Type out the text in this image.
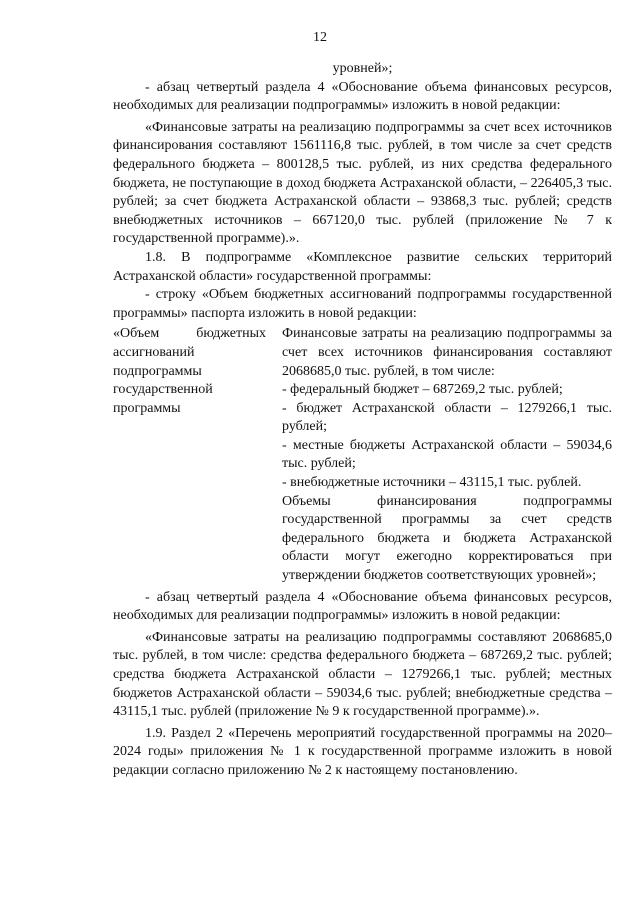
12

уровней»;

- абзац четвертый раздела 4 «Обоснование объема финансовых ресурсов, необходимых для реализации подпрограммы» изложить в новой редакции:

«Финансовые затраты на реализацию подпрограммы за счет всех источников финансирования составляют 1561116,8 тыс. рублей, в том числе за счет средств федерального бюджета – 800128,5 тыс. рублей, из них средства федерального бюджета, не поступающие в доход бюджета Астраханской области, – 226405,3 тыс. рублей; за счет бюджета Астраханской области – 93868,3 тыс. рублей; средств внебюджетных источников – 667120,0 тыс. рублей (приложение № 7 к государственной программе).».

1.8. В подпрограмме «Комплексное развитие сельских территорий Астраханской области» государственной программы:

- строку «Объем бюджетных ассигнований подпрограммы государственной программы» паспорта изложить в новой редакции:

«Объем бюджетных ассигнований подпрограммы государственной программы

Финансовые затраты на реализацию подпрограммы за счет всех источников финансирования составляют 2068685,0 тыс. рублей, в том числе:

- федеральный бюджет – 687269,2 тыс. рублей;

- бюджет Астраханской области – 1279266,1 тыс. рублей;

- местные бюджеты Астраханской области – 59034,6 тыс. рублей;

- внебюджетные источники – 43115,1 тыс. рублей.

Объемы финансирования подпрограммы государственной программы за счет средств федерального бюджета и бюджета Астраханской области могут ежегодно корректироваться при утверждении бюджетов соответствующих уровней»;

- абзац четвертый раздела 4 «Обоснование объема финансовых ресурсов, необходимых для реализации подпрограммы» изложить в новой редакции:

«Финансовые затраты на реализацию подпрограммы составляют 2068685,0 тыс. рублей, в том числе: средства федерального бюджета – 687269,2 тыс. рублей; средства бюджета Астраханской области – 1279266,1 тыс. рублей; местных бюджетов Астраханской области – 59034,6 тыс. рублей; внебюджетные средства – 43115,1 тыс. рублей (приложение № 9 к государственной программе).».

1.9. Раздел 2 «Перечень мероприятий государственной программы на 2020–2024 годы» приложения № 1 к государственной программе изложить в новой редакции согласно приложению № 2 к настоящему постановлению.
